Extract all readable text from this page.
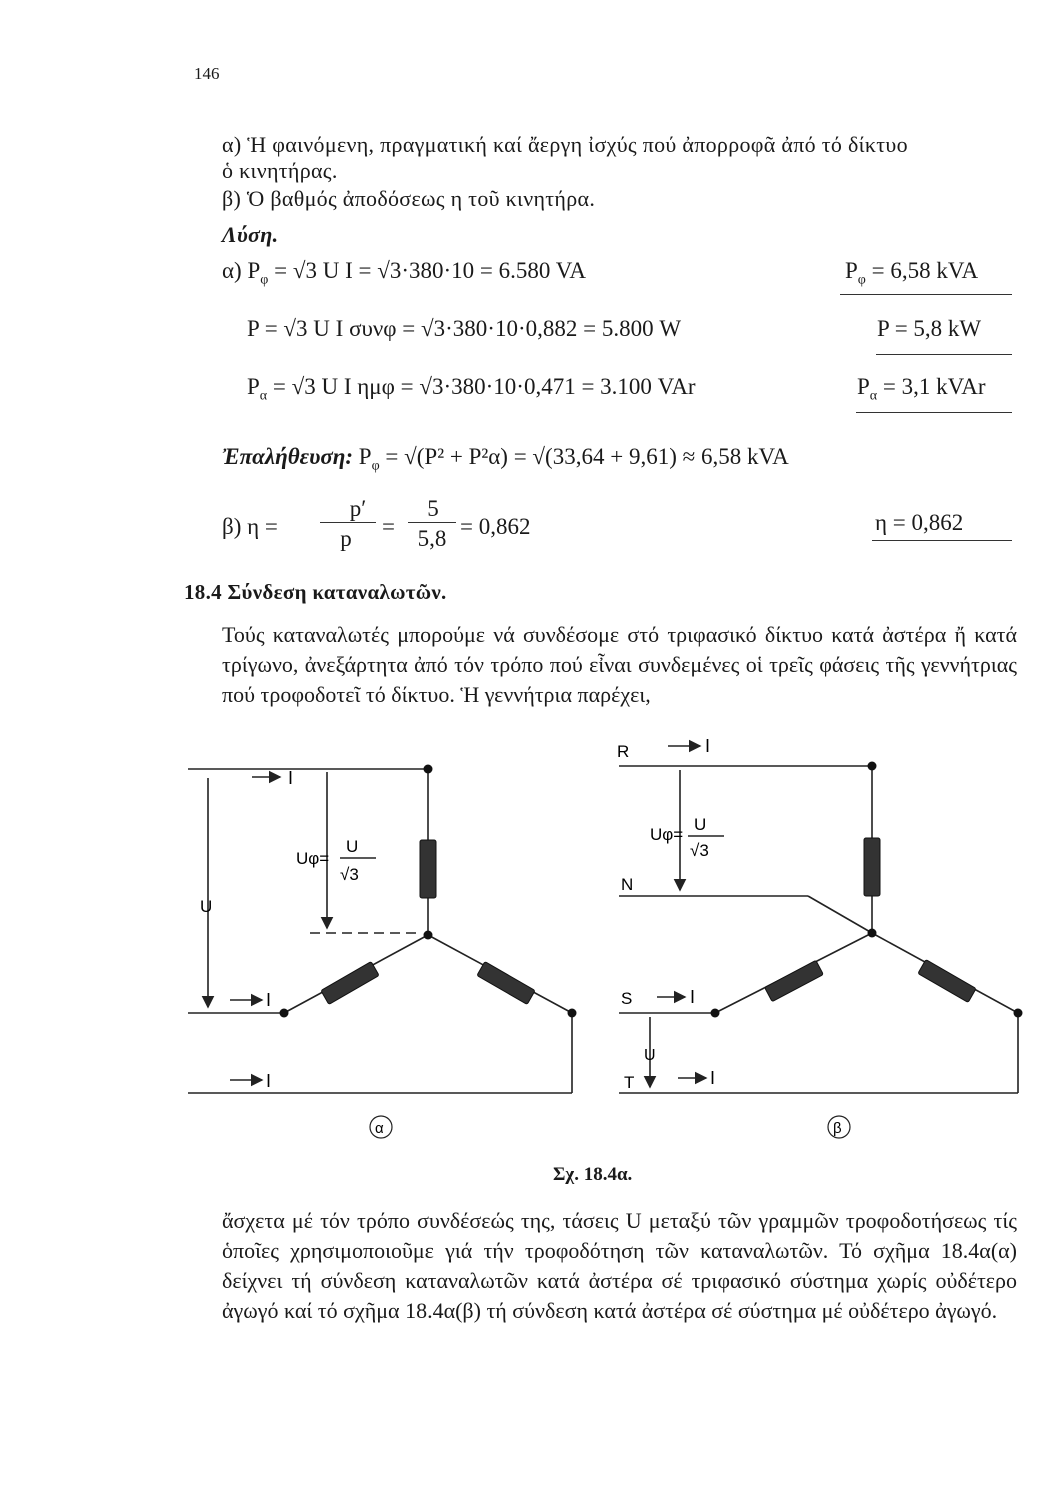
146
α) Ἡ φαινόμενη, πραγματική καί ἄεργη ἰσχύς πού ἀπορροφᾶ ἀπό τό δίκτυο
ὁ κινητήρας.
β) Ὁ βαθμός ἀποδόσεως η τοῦ κινητήρα.
Λύση.
α) $P_\varphi = √3$ U I = √3·380·10 = 6.580 VA	$P_\varphi = 6,58$ kVA
P = √3 U I συνφ = √3·380·10·0,882 = 5.800 W	P = 5,8 kW
$P_\alpha = √3$ U I ημφ = √3·380·10·0,471 = 3.100 VAr	$P_\alpha = 3,1$ kVAr
Ἐπαλήθευση: $P_\varphi = √(P^2 + P^2\alpha) = √(33,64 + 9,61) \approx 6,58$ kVA
β) η =
p′
p =
5
5,8 = 0,862	η = 0,862
18.4 Σύνδεση καταναλωτῶν.
Τούς καταναλωτές μπορούμε νά συνδέσομε στό τριφασικό δίκτυο κατά ἀστέρα ἤ κατά τρίγωνο, ἀνεξάρτητα ἀπό τόν τρόπο πού εἶναι συνδεμένες οἱ τρεῖς φάσεις τῆς γεννήτριας πού τροφοδοτεῖ τό δίκτυο. Ἡ γεννήτρια παρέχει,
I
I
I
U
Uφ=
U
√3
α
R	I
N
S	I
T	I
U
Uφ=
U
√3
β
Σχ. 18.4α.
ἄσχετα μέ τόν τρόπο συνδέσεώς της, τάσεις U μεταξύ τῶν γραμμῶν τροφοδοτήσεως τίς ὁποῖες χρησιμοποιοῦμε γιά τήν τροφοδότηση τῶν καταναλωτῶν. Τό σχῆμα 18.4α(α) δείχνει τή σύνδεση καταναλωτῶν κατά ἀστέρα σέ τριφασικό σύστημα χωρίς οὐδέτερο ἀγωγό καί τό σχῆμα 18.4α(β) τή σύνδεση κατά ἀστέρα σέ σύστημα μέ οὐδέτερο ἀγωγό.
